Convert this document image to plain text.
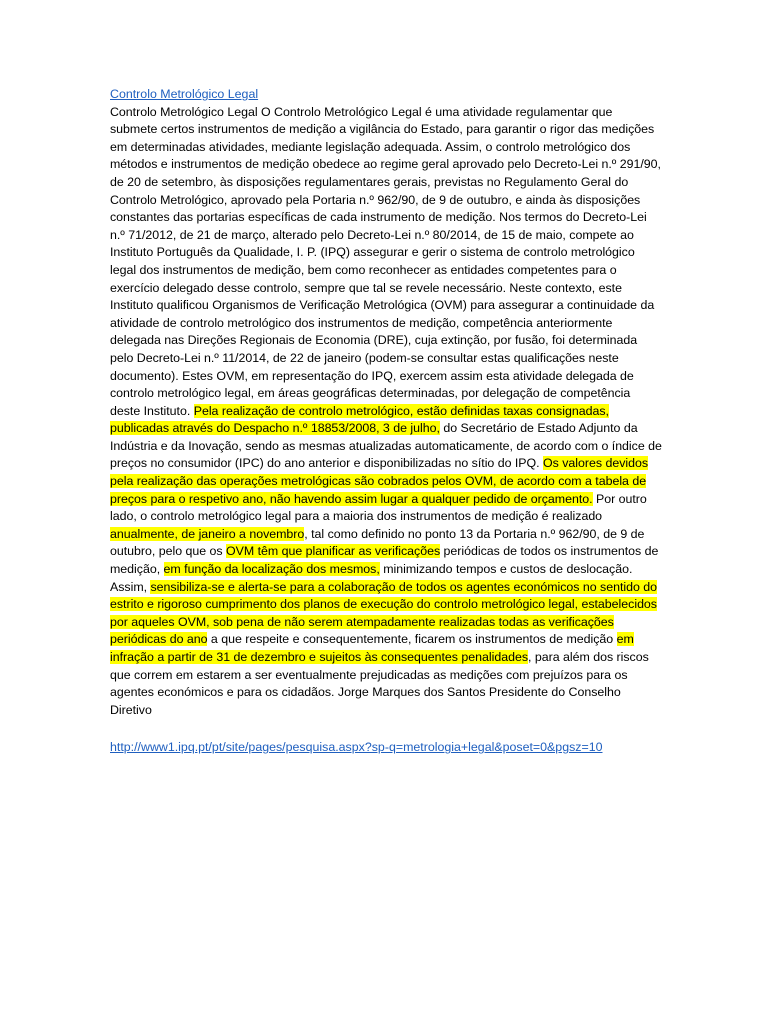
Controlo Metrológico Legal

Controlo Metrológico Legal O Controlo Metrológico Legal é uma atividade regulamentar que submete certos instrumentos de medição a vigilância do Estado, para garantir o rigor das medições em determinadas atividades, mediante legislação adequada. Assim, o controlo metrológico dos métodos e instrumentos de medição obedece ao regime geral aprovado pelo Decreto-Lei n.º 291/90, de 20 de setembro, às disposições regulamentares gerais, previstas no Regulamento Geral do Controlo Metrológico, aprovado pela Portaria n.º 962/90, de 9 de outubro, e ainda às disposições constantes das portarias específicas de cada instrumento de medição. Nos termos do Decreto-Lei n.º 71/2012, de 21 de março, alterado pelo Decreto-Lei n.º 80/2014, de 15 de maio, compete ao Instituto Português da Qualidade, I. P. (IPQ) assegurar e gerir o sistema de controlo metrológico legal dos instrumentos de medição, bem como reconhecer as entidades competentes para o exercício delegado desse controlo, sempre que tal se revele necessário. Neste contexto, este Instituto qualificou Organismos de Verificação Metrológica (OVM) para assegurar a continuidade da atividade de controlo metrológico dos instrumentos de medição, competência anteriormente delegada nas Direções Regionais de Economia (DRE), cuja extinção, por fusão, foi determinada pelo Decreto-Lei n.º 11/2014, de 22 de janeiro (podem-se consultar estas qualificações neste documento). Estes OVM, em representação do IPQ, exercem assim esta atividade delegada de controlo metrológico legal, em áreas geográficas determinadas, por delegação de competência deste Instituto. Pela realização de controlo metrológico, estão definidas taxas consignadas, publicadas através do Despacho n.º 18853/2008, 3 de julho, do Secretário de Estado Adjunto da Indústria e da Inovação, sendo as mesmas atualizadas automaticamente, de acordo com o índice de preços no consumidor (IPC) do ano anterior e disponibilizadas no sítio do IPQ. Os valores devidos pela realização das operações metrológicas são cobrados pelos OVM, de acordo com a tabela de preços para o respetivo ano, não havendo assim lugar a qualquer pedido de orçamento. Por outro lado, o controlo metrológico legal para a maioria dos instrumentos de medição é realizado anualmente, de janeiro a novembro, tal como definido no ponto 13 da Portaria n.º 962/90, de 9 de outubro, pelo que os OVM têm que planificar as verificações periódicas de todos os instrumentos de medição, em função da localização dos mesmos, minimizando tempos e custos de deslocação. Assim, sensibiliza-se e alerta-se para a colaboração de todos os agentes económicos no sentido do estrito e rigoroso cumprimento dos planos de execução do controlo metrológico legal, estabelecidos por aqueles OVM, sob pena de não serem atempadamente realizadas todas as verificações periódicas do ano a que respeite e consequentemente, ficarem os instrumentos de medição em infração a partir de 31 de dezembro e sujeitos às consequentes penalidades, para além dos riscos que correm em estarem a ser eventualmente prejudicadas as medições com prejuízos para os agentes económicos e para os cidadãos. Jorge Marques dos Santos Presidente do Conselho Diretivo

http://www1.ipq.pt/pt/site/pages/pesquisa.aspx?sp-q=metrologia+legal&poset=0&pgsz=10
